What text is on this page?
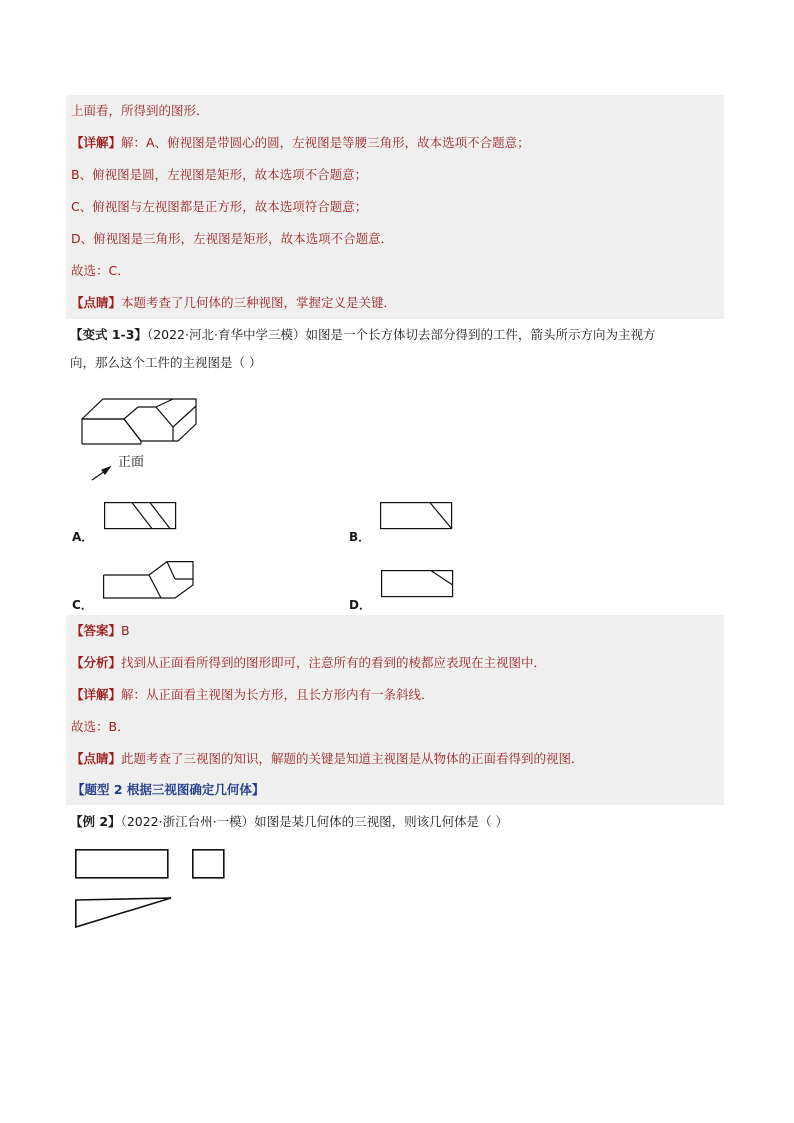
上面看，所得到的图形．
【详解】解：A、俯视图是带圆心的圆，左视图是等腰三角形，故本选项不合题意；
B、俯视图是圆，左视图是矩形，故本选项不合题意；
C、俯视图与左视图都是正方形，故本选项符合题意；
D、俯视图是三角形，左视图是矩形，故本选项不合题意．
故选：C．
【点睛】本题考查了几何体的三种视图，掌握定义是关键．
【变式 1-3】（2022·河北·育华中学三模）如图是一个长方体切去部分得到的工件，箭头所示方向为主视方
向，那么这个工件的主视图是（ ）
正面
A．	B．
C．	D．
【答案】B
【分析】找到从正面看所得到的图形即可，注意所有的看到的棱都应表现在主视图中．
【详解】解：从正面看主视图为长方形，且长方形内有一条斜线．
故选：B．
【点睛】此题考查了三视图的知识，解题的关键是知道主视图是从物体的正面看得到的视图．
【题型 2 根据三视图确定几何体】
【例 2】（2022·浙江台州·一模）如图是某几何体的三视图，则该几何体是（ ）
